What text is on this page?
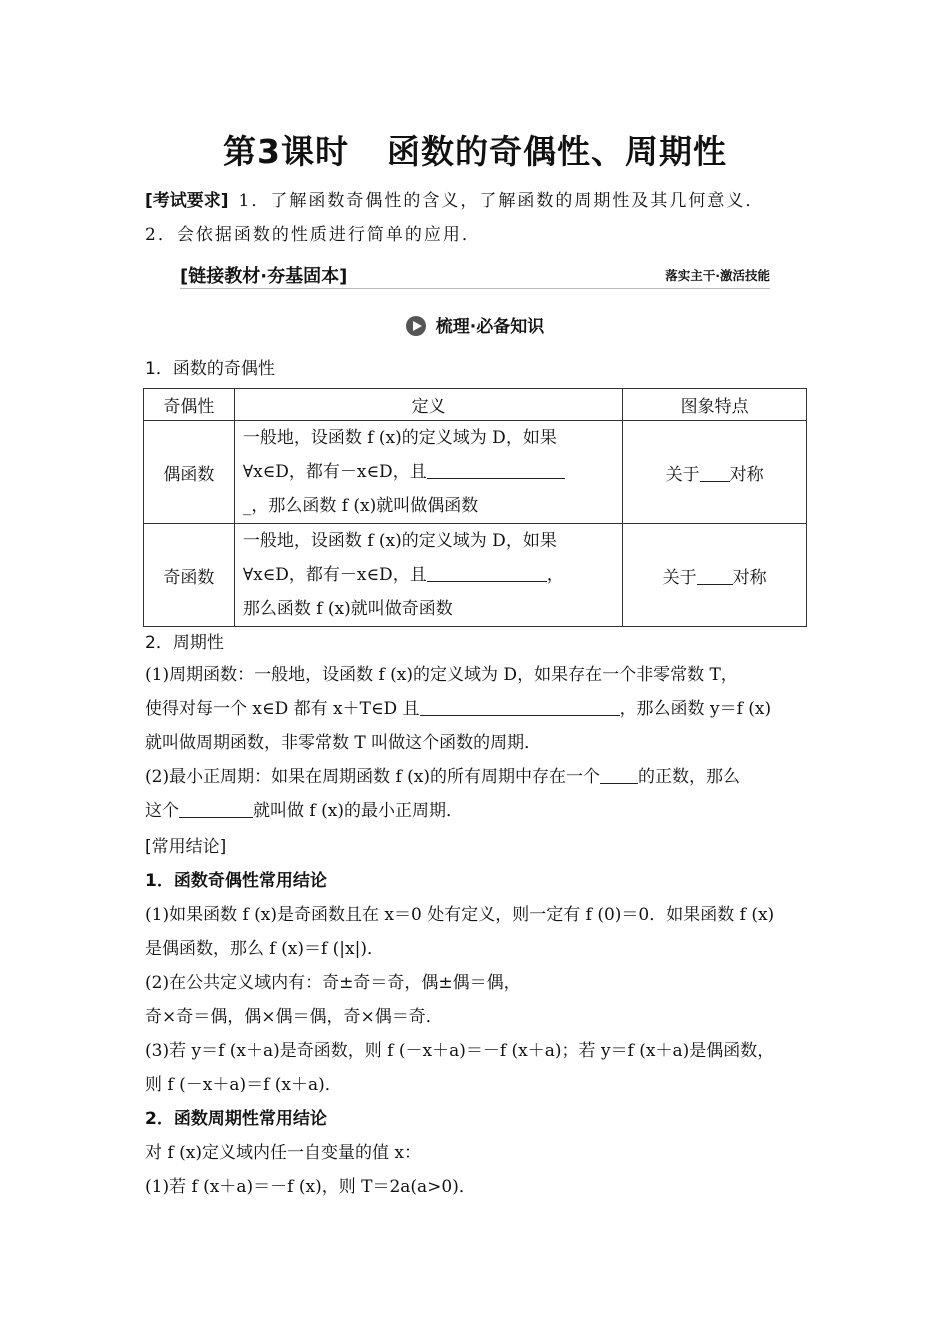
第3课时 函数的奇偶性、周期性
[考试要求] 1．了解函数奇偶性的含义，了解函数的周期性及其几何意义．
2．会依据函数的性质进行简单的应用．
[链接教材·夯基固本]	落实主干·激活技能
梳理·必备知识
1．函数的奇偶性
奇偶性	定义	图象特点
偶函数	一般地，设函数 f (x)的定义域为 D，如果
∀x∈D，都有－x∈D，且
_，那么函数 f (x)就叫做偶函数	关于 对称
奇函数	一般地，设函数 f (x)的定义域为 D，如果
∀x∈D，都有－x∈D，且 ，
那么函数 f (x)就叫做奇函数	关于 对称
2．周期性
(1)周期函数：一般地，设函数 f (x)的定义域为 D，如果存在一个非零常数 T，
使得对每一个 x∈D 都有 x＋T∈D 且	，那么函数 y＝f (x)
就叫做周期函数，非零常数 T 叫做这个函数的周期．
(2)最小正周期：如果在周期函数 f (x)的所有周期中存在一个 的正数，那么
这个	就叫做 f (x)的最小正周期．
[常用结论]
1．函数奇偶性常用结论
(1)如果函数 f (x)是奇函数且在 x＝0 处有定义，则一定有 f (0)＝0．如果函数 f (x)
是偶函数，那么 f (x)＝f (|x|)．
(2)在公共定义域内有：奇±奇＝奇，偶±偶＝偶，
奇×奇＝偶，偶×偶＝偶，奇×偶＝奇．
(3)若 y＝f (x＋a)是奇函数，则 f (－x＋a)＝－f (x＋a)；若 y＝f (x＋a)是偶函数，
则 f (－x＋a)＝f (x＋a)．
2．函数周期性常用结论
对 f (x)定义域内任一自变量的值 x：
(1)若 f (x＋a)＝－f (x)，则 T＝2a(a>0)．
